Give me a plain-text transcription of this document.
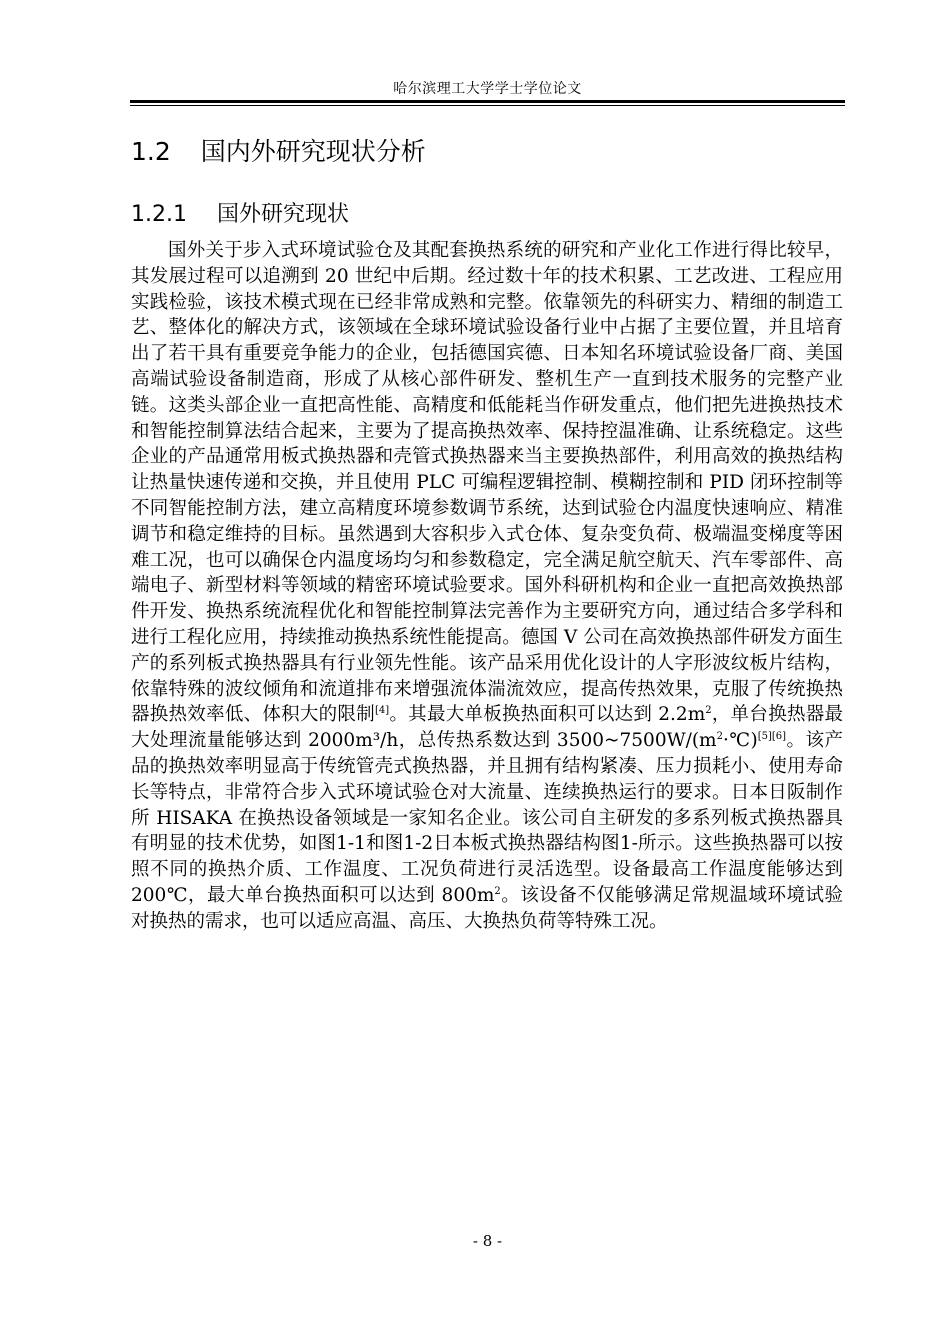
哈尔滨理工大学学士学位论文
1.2 国内外研究现状分析
1.2.1 国外研究现状

国外关于步入式环境试验仓及其配套换热系统的研究和产业化工作进行得比较早，其发展过程可以追溯到 20 世纪中后期。经过数十年的技术积累、工艺改进、工程应用实践检验，该技术模式现在已经非常成熟和完整。依靠领先的科研实力、精细的制造工艺、整体化的解决方式，该领域在全球环境试验设备行业中占据了主要位置，并且培育出了若干具有重要竞争能力的企业，包括德国宾德、日本知名环境试验设备厂商、美国高端试验设备制造商，形成了从核心部件研发、整机生产一直到技术服务的完整产业链。这类头部企业一直把高性能、高精度和低能耗当作研发重点，他们把先进换热技术和智能控制算法结合起来，主要为了提高换热效率、保持控温准确、让系统稳定。这些企业的产品通常用板式换热器和壳管式换热器来当主要换热部件，利用高效的换热结构让热量快速传递和交换，并且使用 PLC 可编程逻辑控制、模糊控制和 PID 闭环控制等不同智能控制方法，建立高精度环境参数调节系统，达到试验仓内温度快速响应、精准调节和稳定维持的目标。虽然遇到大容积步入式仓体、复杂变负荷、极端温变梯度等困难工况，也可以确保仓内温度场均匀和参数稳定，完全满足航空航天、汽车零部件、高端电子、新型材料等领域的精密环境试验要求。国外科研机构和企业一直把高效换热部件开发、换热系统流程优化和智能控制算法完善作为主要研究方向，通过结合多学科和进行工程化应用，持续推动换热系统性能提高。德国 V 公司在高效换热部件研发方面生产的系列板式换热器具有行业领先性能。该产品采用优化设计的人字形波纹板片结构，依靠特殊的波纹倾角和流道排布来增强流体湍流效应，提高传热效果，克服了传统换热器换热效率低、体积大的限制[4]。其最大单板换热面积可以达到 $2.2m^2$，单台换热器最大处理流量能够达到 2000m³/h，总传热系数达到 $3500\sim 7500W/(m^2\cdot℃)[5][6]$。该产品的换热效率明显高于传统管壳式换热器，并且拥有结构紧凑、压力损耗小、使用寿命长等特点，非常符合步入式环境试验仓对大流量、连续换热运行的要求。日本日阪制作所 HISAKA 在换热设备领域是一家知名企业。该公司自主研发的多系列板式换热器具有明显的技术优势，如图1-1和图1-2日本板式换热器结构图1-所示。这些换热器可以按照不同的换热介质、工作温度、工况负荷进行灵活选型。设备最高工作温度能够达到 200℃，最大单台换热面积可以达到 $800m^2$。该设备不仅能够满足常规温域环境试验对换热的需求，也可以适应高温、高压、大换热负荷等特殊工况。

- 8 -
